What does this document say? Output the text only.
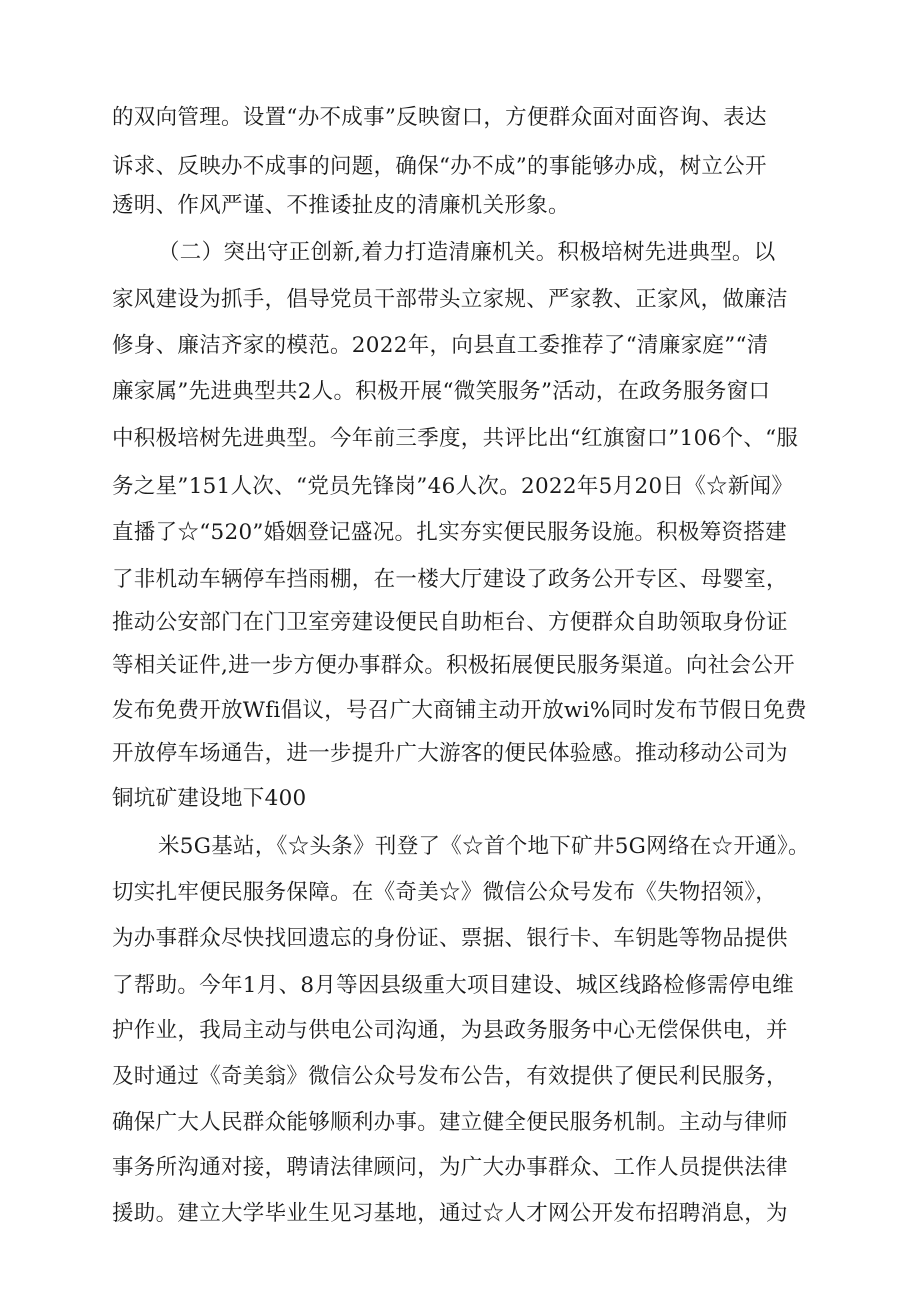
的双向管理。设置“办不成事”反映窗口，方便群众面对面咨询、表达
诉求、反映办不成事的问题，确保“办不成”的事能够办成，树立公开
透明、作风严谨、不推诿扯皮的清廉机关形象。
（二）突出守正创新,着力打造清廉机关。积极培树先进典型。以
家风建设为抓手，倡导党员干部带头立家规、严家教、正家风，做廉洁
修身、廉洁齐家的模范。2022年，向县直工委推荐了“清廉家庭”“清
廉家属”先进典型共2人。积极开展“微笑服务”活动，在政务服务窗口
中积极培树先进典型。今年前三季度，共评比出“红旗窗口”106个、“服
务之星”151人次、“党员先锋岗”46人次。2022年5月20日《☆新闻》
直播了☆“520”婚姻登记盛况。扎实夯实便民服务设施。积极筹资搭建
了非机动车辆停车挡雨棚，在一楼大厅建设了政务公开专区、母婴室，
推动公安部门在门卫室旁建设便民自助柜台、方便群众自助领取身份证
等相关证件,进一步方便办事群众。积极拓展便民服务渠道。向社会公开
发布免费开放Wfi倡议，号召广大商铺主动开放wi%同时发布节假日免费
开放停车场通告，进一步提升广大游客的便民体验感。推动移动公司为
铜坑矿建设地下400
米5G基站，《☆头条》刊登了《☆首个地下矿井5G网络在☆开通》。
切实扎牢便民服务保障。在《奇美☆》微信公众号发布《失物招领》，
为办事群众尽快找回遗忘的身份证、票据、银行卡、车钥匙等物品提供
了帮助。今年1月、8月等因县级重大项目建设、城区线路检修需停电维
护作业，我局主动与供电公司沟通，为县政务服务中心无偿保供电，并
及时通过《奇美翁》微信公众号发布公告，有效提供了便民利民服务，
确保广大人民群众能够顺利办事。建立健全便民服务机制。主动与律师
事务所沟通对接，聘请法律顾问，为广大办事群众、工作人员提供法律
援助。建立大学毕业生见习基地，通过☆人才网公开发布招聘消息，为
